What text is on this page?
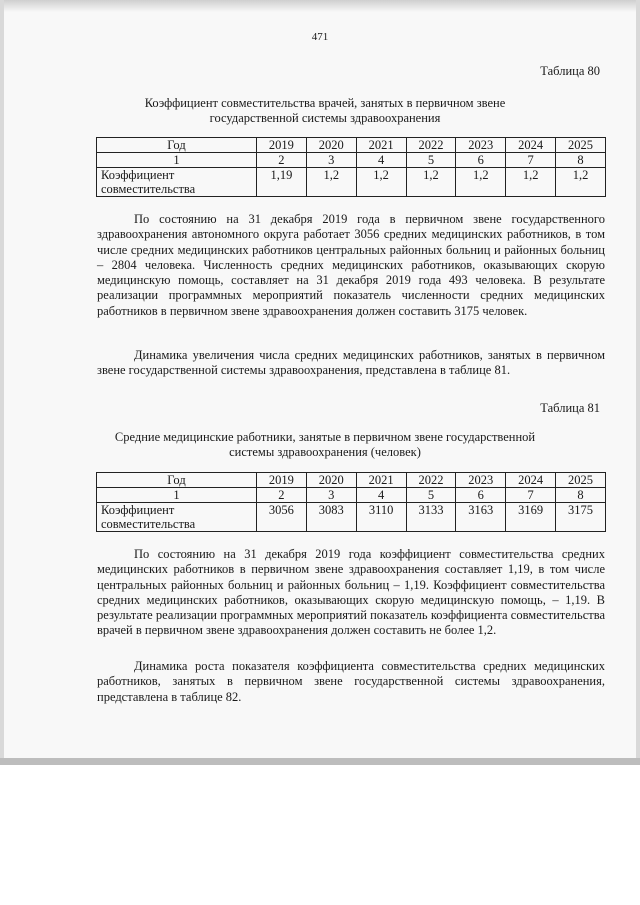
471
Таблица 80
Коэффициент совместительства врачей, занятых в первичном звене
государственной системы здравоохранения
Год	2019	2020	2021	2022	2023	2024	2025
1	2	3	4	5	6	7	8

Коэффициент
совместительства	1,19	1,2	1,2	1,2	1,2	1,2	1,2

По состоянию на 31 декабря 2019 года в первичном звене государственного здравоохранения автономного округа работает 3056 средних медицинских работников, в том числе средних медицинских работников центральных районных больниц и районных больниц – 2804 человека. Численность средних медицинских работников, оказывающих скорую медицинскую помощь, составляет на 31 декабря 2019 года 493 человека. В результате реализации программных мероприятий показатель численности средних медицинских работников в первичном звене здравоохранения должен составить 3175 человек.

Динамика увеличения числа средних медицинских работников, занятых в первичном звене государственной системы здравоохранения, представлена в таблице 81.

Таблица 81
Средние медицинские работники, занятые в первичном звене государственной
системы здравоохранения (человек)
Год	2019	2020	2021	2022	2023	2024	2025
1	2	3	4	5	6	7	8

Коэффициент
совместительства	3056	3083	3110	3133	3163	3169	3175

По состоянию на 31 декабря 2019 года коэффициент совместительства средних медицинских работников в первичном звене здравоохранения составляет 1,19, в том числе центральных районных больниц и районных больниц – 1,19. Коэффициент совместительства средних медицинских работников, оказывающих скорую медицинскую помощь, – 1,19. В результате реализации программных мероприятий показатель коэффициента совместительства врачей в первичном звене здравоохранения должен составить не более 1,2.

Динамика роста показателя коэффициента совместительства средних медицинских работников, занятых в первичном звене государственной системы здравоохранения, представлена в таблице 82.
